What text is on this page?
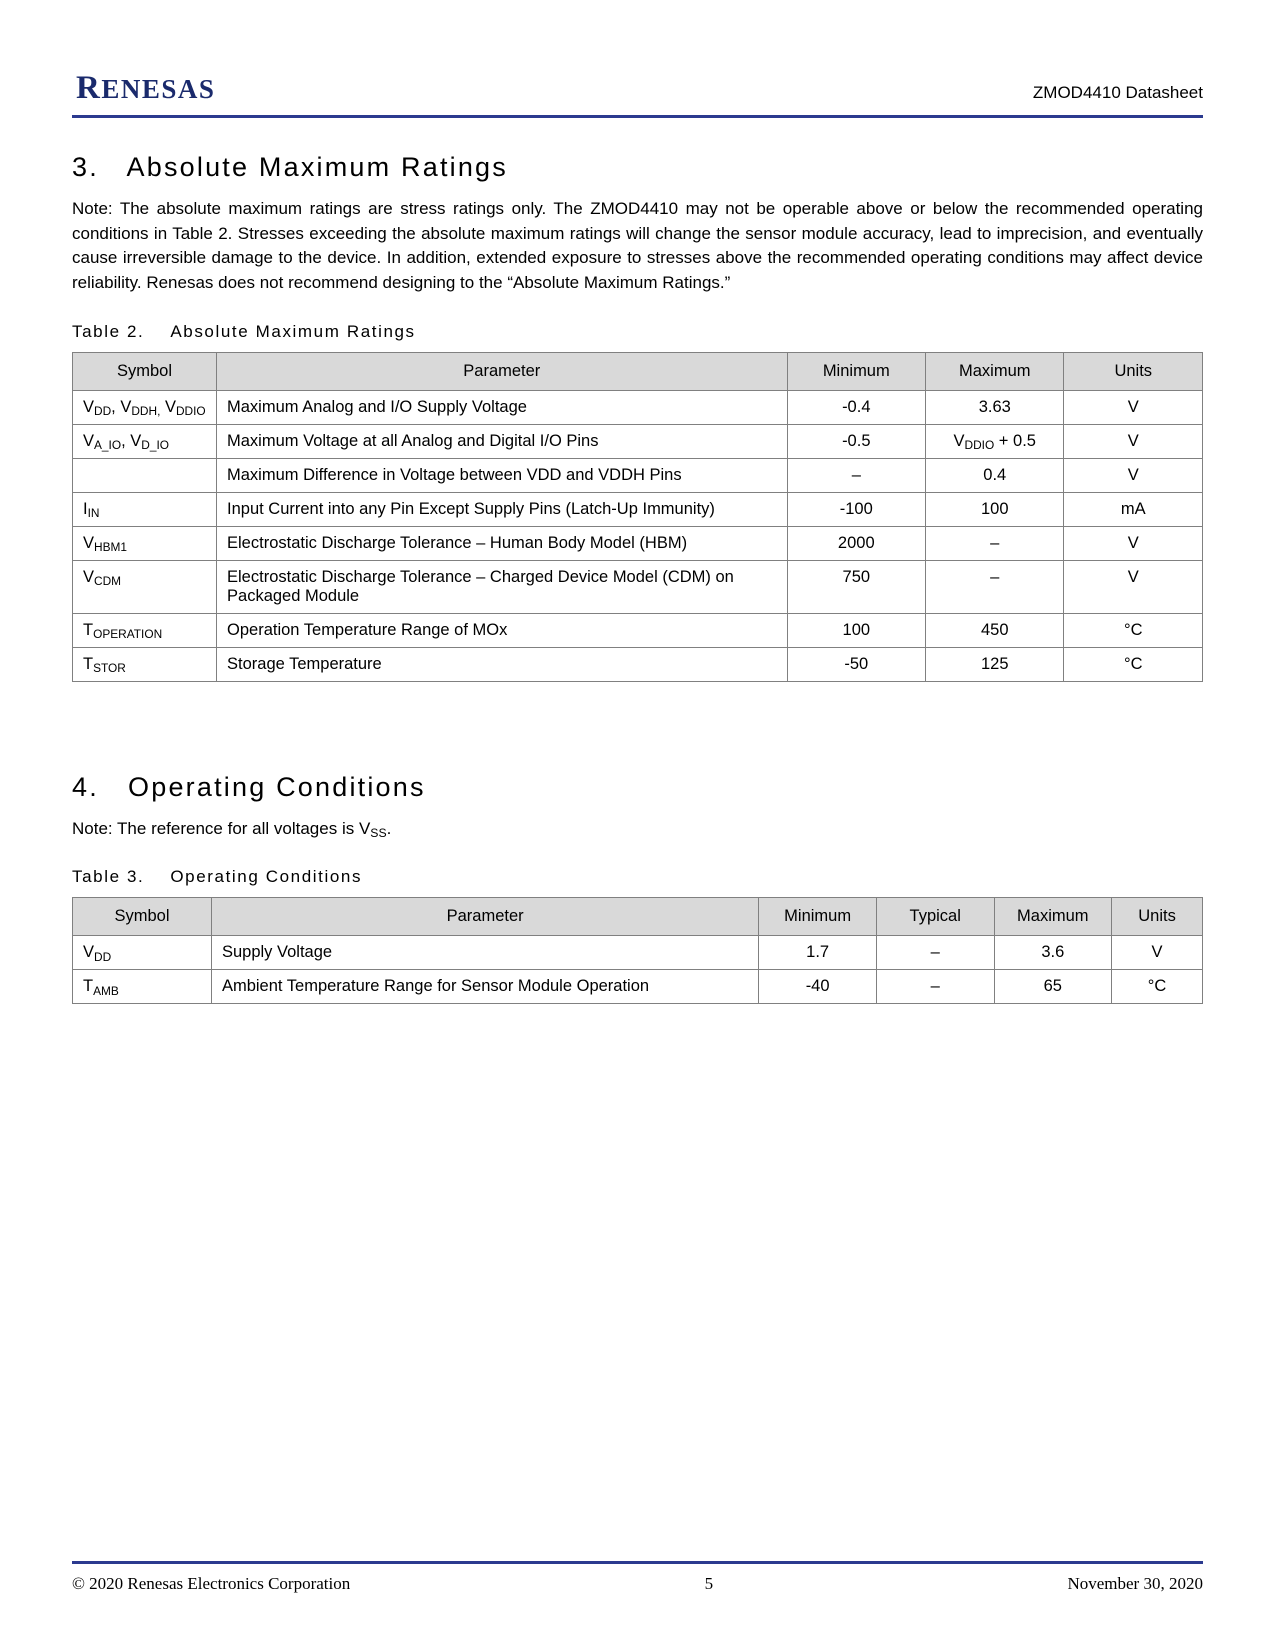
RENESAS	ZMOD4410 Datasheet
3. Absolute Maximum Ratings

Note: The absolute maximum ratings are stress ratings only. The ZMOD4410 may not be operable above or below the recommended operating conditions in Table 2. Stresses exceeding the absolute maximum ratings will change the sensor module accuracy, lead to imprecision, and eventually cause irreversible damage to the device. In addition, extended exposure to stresses above the recommended operating conditions may affect device reliability. Renesas does not recommend designing to the “Absolute Maximum Ratings.”

Table 2. Absolute Maximum Ratings
Symbol	Parameter	Minimum	Maximum	Units
$V_{DD}$, $V_{DDH,}$ $V_{DDIO}$	Maximum Analog and I/O Supply Voltage	-0.4	3.63	V
$V_{A\_IO}$, $V_{D\_IO}$	Maximum Voltage at all Analog and Digital I/O Pins	-0.5	$V_{DDIO} + 0.5$	V
	Maximum Difference in Voltage between VDD and VDDH Pins	–	0.4	V
$I_{IN}$	Input Current into any Pin Except Supply Pins (Latch-Up Immunity)	-100	100	mA
$V_{HBM1}$	Electrostatic Discharge Tolerance – Human Body Model (HBM)	2000	–	V
$V_{CDM}$	Electrostatic Discharge Tolerance – Charged Device Model (CDM) on Packaged Module	750	–	V
$T_{OPERATION}$	Operation Temperature Range of MOx	100	450	°C
$T_{STOR}$	Storage Temperature	-50	125	°C
4. Operating Conditions

Note: The reference for all voltages is $V_{SS}$.

Table 3. Operating Conditions
Symbol	Parameter	Minimum	Typical	Maximum	Units
$V_{DD}$	Supply Voltage	1.7	–	3.6	V
$T_{AMB}$	Ambient Temperature Range for Sensor Module Operation	-40	–	65	°C
© 2020 Renesas Electronics Corporation	5	November 30, 2020
